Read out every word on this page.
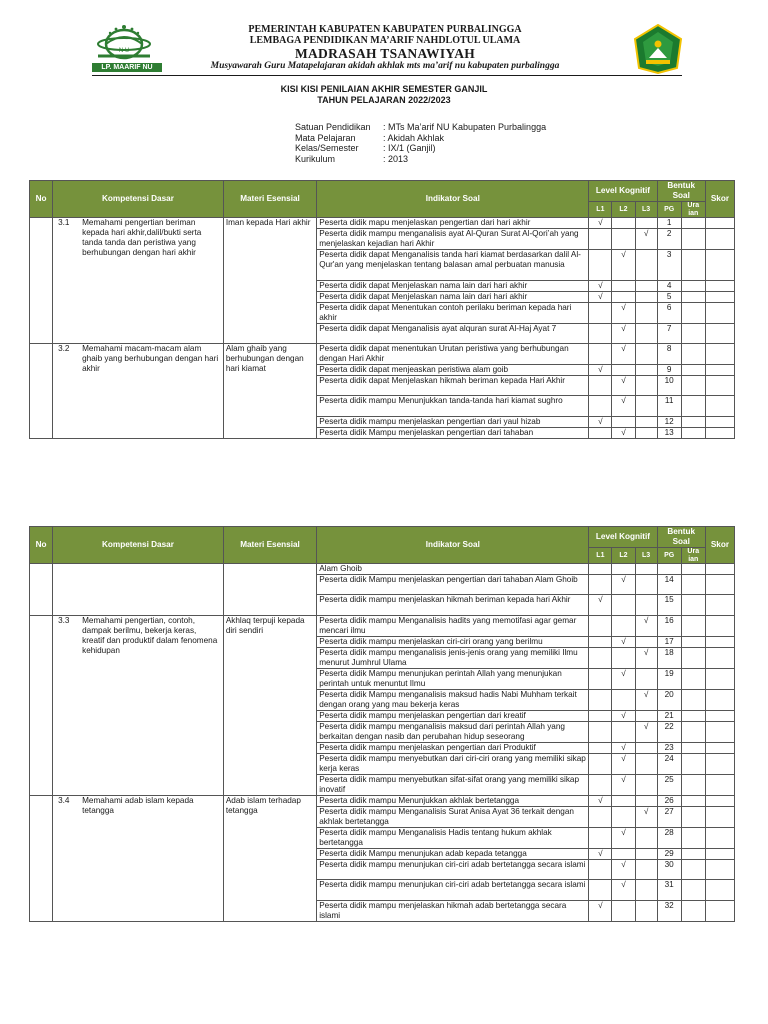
N U
LP. MAARIF NU
PEMERINTAH KABUPATEN KABUPATEN PURBALINGGA
LEMBAGA PENDIDIKAN MA’ARIF NAHDLOTUL ULAMA
MADRASAH TSANAWIYAH
Musyawarah Guru Matapelajaran akidah akhlak mts ma’arif nu kabupaten purbalingga
KISI KISI PENILAIAN AKHIR SEMESTER GANJIL
TAHUN PELAJARAN 2022/2023
Satuan Pendidikan	: MTs Ma’arif NU Kabupaten Purbalingga
Mata Pelajaran	: Akidah Akhlak
Kelas/Semester	: IX/1 (Ganjil)
Kurikulum	: 2013
No	Kompetensi Dasar	Materi Esensial	Indikator Soal	Level Kognitif			Bentuk Soal		Skor
				L1	L2	L3	PG	Ura ian	

	3.1 Memahami pengertian beriman kepada hari akhir,dalil/bukti serta tanda tanda dan peristiwa yang berhubungan dengan hari akhir	Iman kepada Hari akhir	Peserta didik mapu menjelaskan pengertian dari hari akhir	√			1		
			Peserta didik mampu menganalisis ayat Al-Quran Surat Al-Qori’ah yang menjelaskan kejadian hari Akhir			√	2		
			Peserta didik dapat Menganalisis tanda hari kiamat berdasarkan dalil Al-Qur'an yang menjelaskan tentang balasan amal perbuatan manusia		√		3		
			Peserta didik dapat Menjelaskan nama lain dari hari akhir	√			4		
			Peserta didik dapat Menjelaskan nama lain dari hari akhir	√			5		
			Peserta didik dapat Menentukan contoh perilaku beriman kepada hari akhir		√		6		
			Peserta didik dapat Menganalisis ayat alquran surat Al-Haj Ayat 7		√		7		

	3.2 Memahami macam-macam alam ghaib yang berhubungan dengan hari akhir	Alam ghaib yang berhubungan dengan hari kiamat	Peserta didik dapat menentukan Urutan peristiwa yang berhubungan dengan Hari Akhir		√		8		
			Peserta didik dapat menjeaskan peristiwa alam goib	√			9		
			Peserta didik dapat Menjelaskan hikmah beriman kepada Hari Akhir		√		10		
			Peserta didik mampu Menunjukkan tanda-tanda hari kiamat sughro		√		11		
			Peserta didik mampu menjelaskan pengertian dari yaul hizab	√			12		
			Peserta didik Mampu menjelaskan pengertian dari tahaban		√		13		
No	Kompetensi Dasar	Materi Esensial	Indikator Soal	Level Kognitif			Bentuk Soal		Skor
				L1	L2	L3	PG	Ura ian	

		Alam Ghoib						
			Peserta didik Mampu menjelaskan pengertian dari tahaban Alam Ghoib		√		14		
			Peserta didik mampu menjelaskan hikmah beriman kepada hari Akhir	√			15		

	3.3 Memahami pengertian, contoh, dampak berilmu, bekerja keras, kreatif dan produktif dalam fenomena kehidupan	Akhlaq terpuji kepada diri sendiri	Peserta didik mampu Menganalisis hadits yang memotifasi agar gemar mencari ilmu			√	16		
			Peserta didik mampu menjelaskan ciri-ciri orang yang berilmu		√		17		
			Peserta didik mampu menganalisis jenis-jenis orang yang memiliki Ilmu menurut Jumhrul Ulama			√	18		
			Peserta didik Mampu menunjukan perintah Allah yang menunjukan perintah untuk menuntut Ilmu		√		19		
			Peserta didik Mampu menganalisis maksud hadis Nabi Muhham terkait dengan orang yang mau bekerja keras			√	20		
			Peserta didik mampu menjelaskan pengertian dari kreatif		√		21		
			Peserta didik mampu menganalisis maksud dari perintah Allah yang berkaitan dengan nasib dan perubahan hidup seseorang			√	22		
			Peserta didik mampu menjelaskan pengertian dari Produktif		√		23		
			Peserta didik mampu menyebutkan dari ciri-ciri orang yang memiliki sikap kerja keras		√		24		
			Peserta didik mampu menyebutkan sifat-sifat orang yang memiliki sikap inovatif		√		25		

	3.4 Memahami adab islam kepada tetangga	Adab islam terhadap tetangga	Peserta didik mampu Menunjukkan akhlak bertetangga	√			26		
			Peserta didik mampu Menganalisis Surat Anisa Ayat 36 terkait dengan akhlak bertetangga			√	27		
			Peserta didik mampu Menganalisis Hadis tentang hukum akhlak bertetangga		√		28		
			Peserta didik Mampu menunjukan adab kepada tetangga	√			29		
			Peserta didik mampu menunjukan ciri-ciri adab bertetangga secara islami		√		30		
			Peserta didik mampu menunjukan ciri-ciri adab bertetangga secara islami		√		31		
			Peserta didik mampu menjelaskan hikmah adab bertetangga secara islami	√			32		
